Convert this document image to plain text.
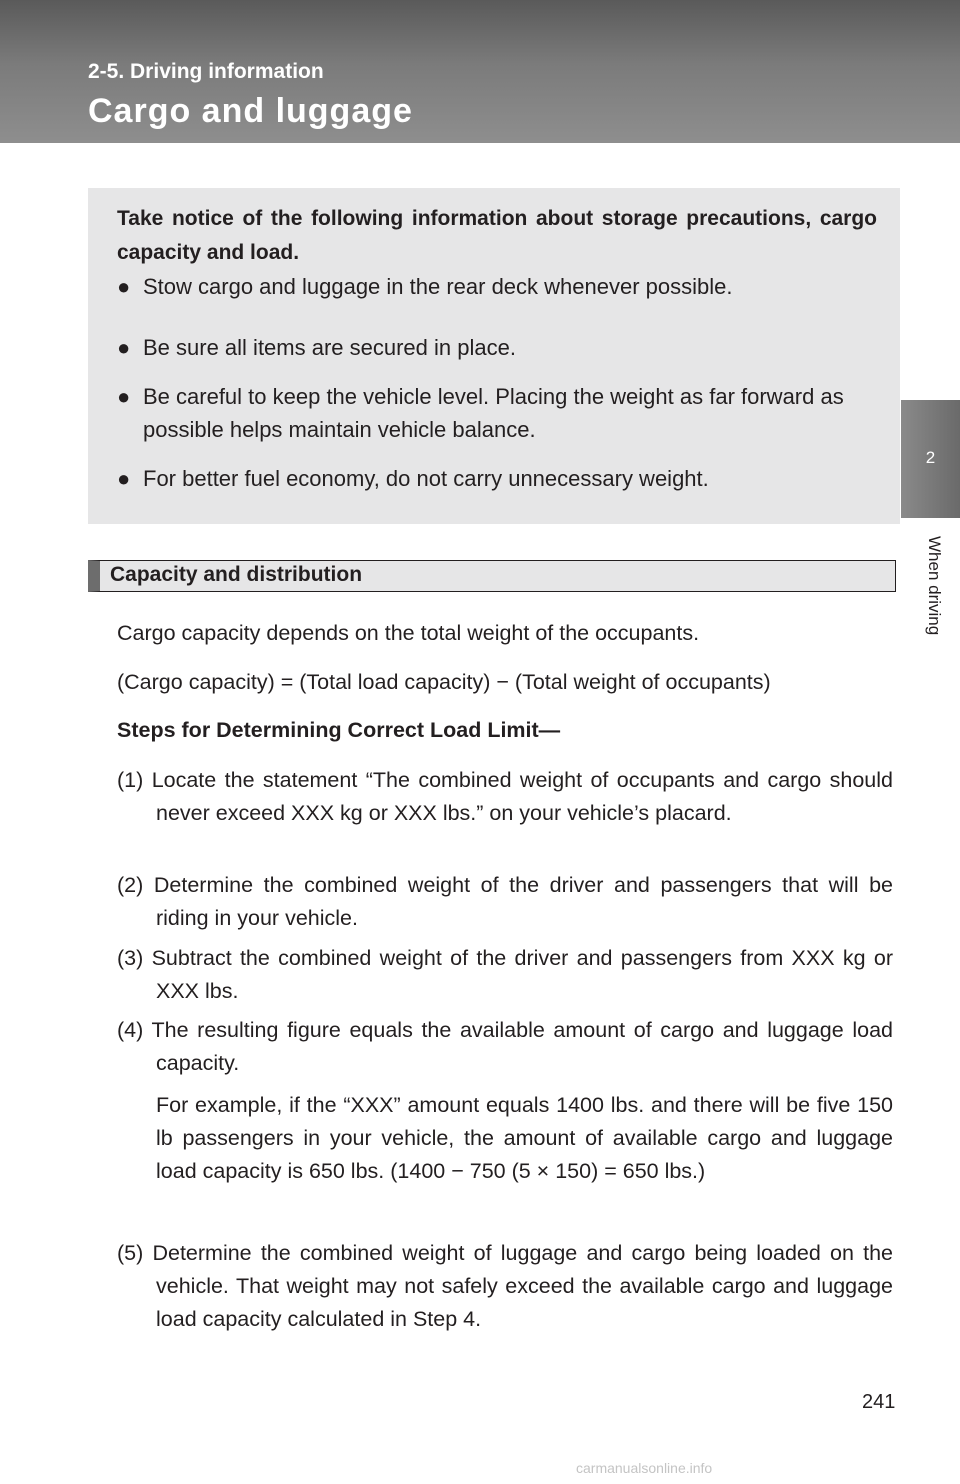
2-5. Driving information
Cargo and luggage
2
When driving

Take notice of the following information about storage precautions, cargo capacity and load.

● Stow cargo and luggage in the rear deck whenever possible.
● Be sure all items are secured in place.
● Be careful to keep the vehicle level. Placing the weight as far forward as possible helps maintain vehicle balance.
● For better fuel economy, do not carry unnecessary weight.
Capacity and distribution

Cargo capacity depends on the total weight of the occupants.

(Cargo capacity) = (Total load capacity) − (Total weight of occupants)

Steps for Determining Correct Load Limit—

(1) Locate the statement “The combined weight of occupants and cargo should never exceed XXX kg or XXX lbs.” on your vehicle’s placard.
(2) Determine the combined weight of the driver and passengers that will be riding in your vehicle.
(3) Subtract the combined weight of the driver and passengers from XXX kg or XXX lbs.
(4) The resulting figure equals the available amount of cargo and luggage load capacity.
For example, if the “XXX” amount equals 1400 lbs. and there will be five 150 lb passengers in your vehicle, the amount of available cargo and luggage load capacity is 650 lbs. (1400 − 750 (5 × 150) = 650 lbs.)
(5) Determine the combined weight of luggage and cargo being loaded on the vehicle. That weight may not safely exceed the available cargo and luggage load capacity calculated in Step 4.
241
carmanualsonline.info
